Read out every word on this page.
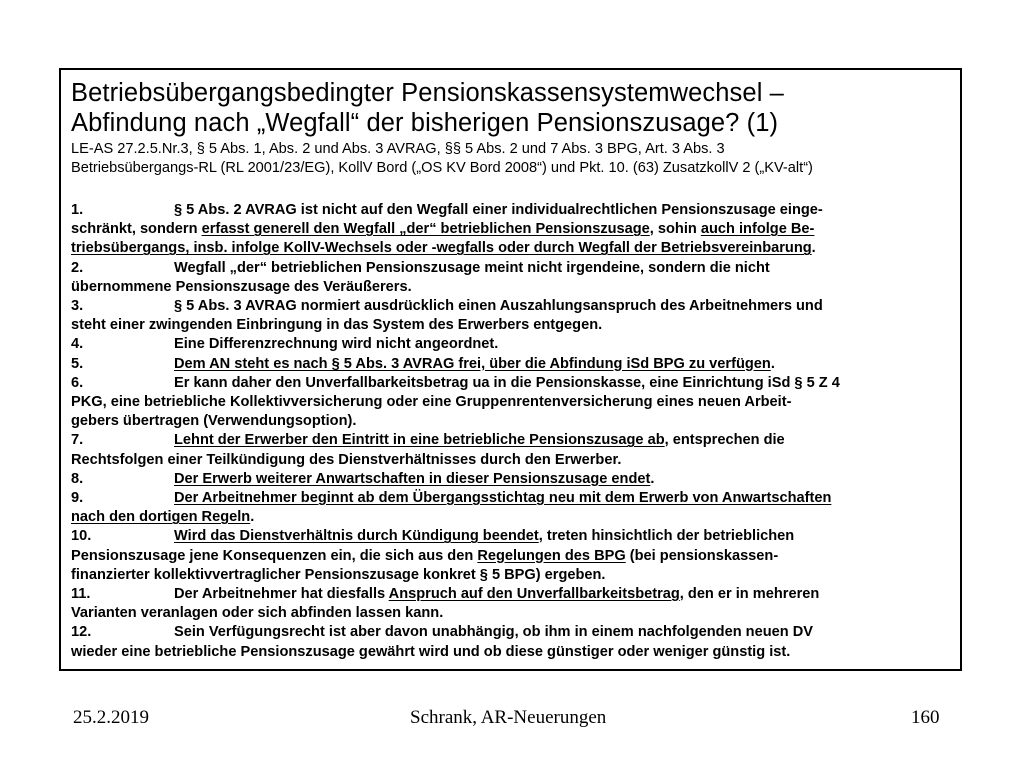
Betriebsübergangsbedingter Pensionskassensystemwechsel –
Abfindung nach „Wegfall“ der bisherigen Pensionszusage? (1)
LE-AS 27.2.5.Nr.3, § 5 Abs. 1, Abs. 2 und Abs. 3 AVRAG, §§ 5 Abs. 2 und 7 Abs. 3 BPG, Art. 3 Abs. 3
Betriebsübergangs-RL (RL 2001/23/EG), KollV Bord („OS KV Bord 2008“) und Pkt. 10. (63) ZusatzkollV 2 („KV-alt“)
1.	§ 5 Abs. 2 AVRAG ist nicht auf den Wegfall einer individualrechtlichen Pensionszusage einge-
schränkt, sondern erfasst generell den Wegfall „der“ betrieblichen Pensionszusage, sohin auch infolge Be-
triebsübergangs, insb. infolge KollV-Wechsels oder -wegfalls oder durch Wegfall der Betriebsvereinbarung.
2.	Wegfall „der“ betrieblichen Pensionszusage meint nicht irgendeine, sondern die nicht
übernommene Pensionszusage des Veräußerers.
3.	§ 5 Abs. 3 AVRAG normiert ausdrücklich einen Auszahlungsanspruch des Arbeitnehmers und
steht einer zwingenden Einbringung in das System des Erwerbers entgegen.
4.	Eine Differenzrechnung wird nicht angeordnet.
5.	Dem AN steht es nach § 5 Abs. 3 AVRAG frei, über die Abfindung iSd BPG zu verfügen.
6.	Er kann daher den Unverfallbarkeitsbetrag ua in die Pensionskasse, eine Einrichtung iSd § 5 Z 4
PKG, eine betriebliche Kollektivversicherung oder eine Gruppenrentenversicherung eines neuen Arbeit-
gebers übertragen (Verwendungsoption).
7.	Lehnt der Erwerber den Eintritt in eine betriebliche Pensionszusage ab, entsprechen die
Rechtsfolgen einer Teilkündigung des Dienstverhältnisses durch den Erwerber.
8.	Der Erwerb weiterer Anwartschaften in dieser Pensionszusage endet.
9.	Der Arbeitnehmer beginnt ab dem Übergangsstichtag neu mit dem Erwerb von Anwartschaften
nach den dortigen Regeln.
10.	Wird das Dienstverhältnis durch Kündigung beendet, treten hinsichtlich der betrieblichen
Pensionszusage jene Konsequenzen ein, die sich aus den Regelungen des BPG (bei pensionskassen-
finanzierter kollektivvertraglicher Pensionszusage konkret § 5 BPG) ergeben.
11.	Der Arbeitnehmer hat diesfalls Anspruch auf den Unverfallbarkeitsbetrag, den er in mehreren
Varianten veranlagen oder sich abfinden lassen kann.
12.	Sein Verfügungsrecht ist aber davon unabhängig, ob ihm in einem nachfolgenden neuen DV
wieder eine betriebliche Pensionszusage gewährt wird und ob diese günstiger oder weniger günstig ist.
25.2.2019	Schrank, AR-Neuerungen	160
